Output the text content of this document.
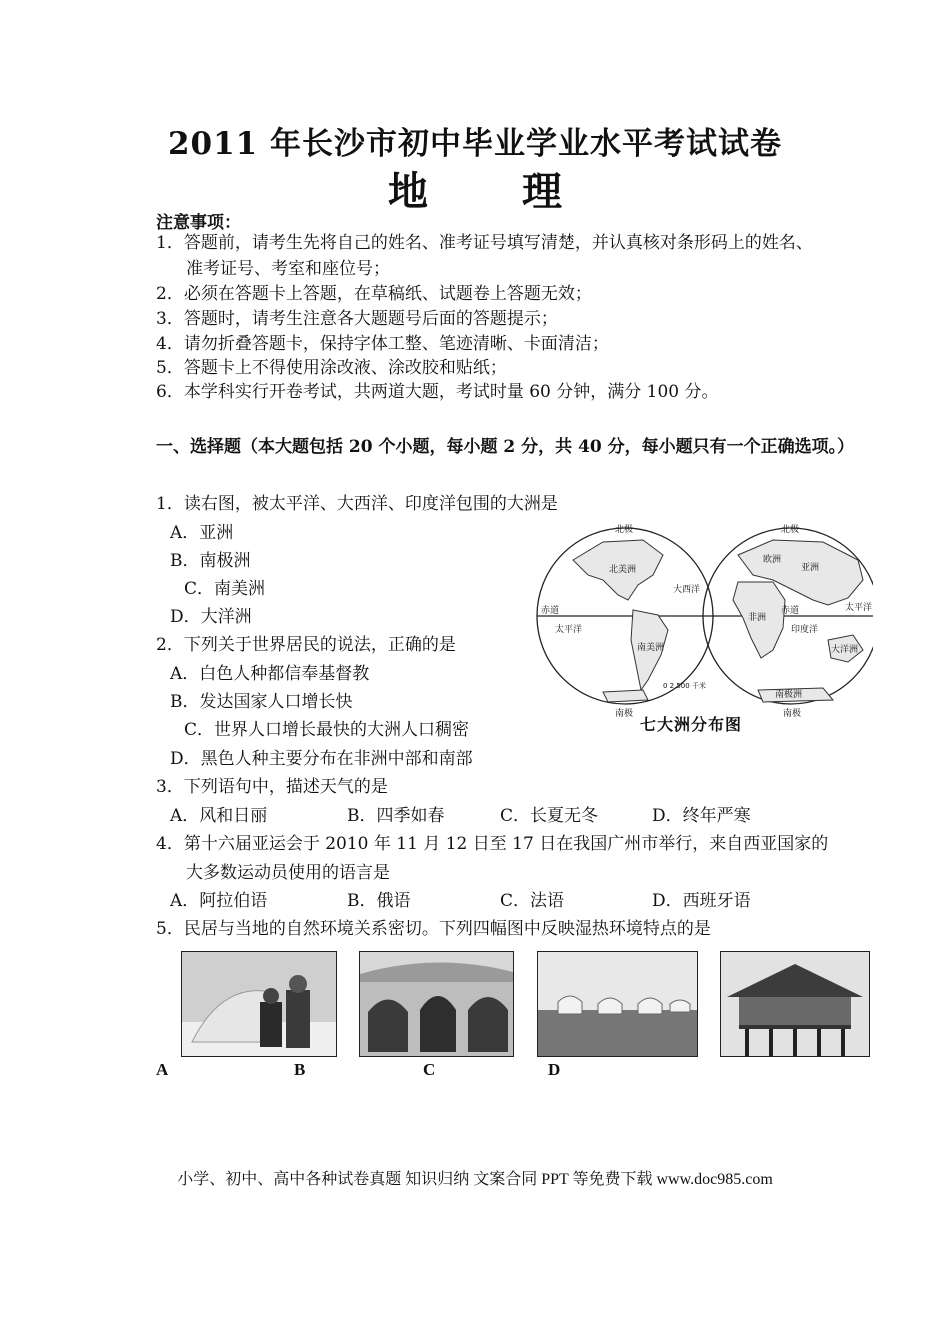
2011 年长沙市初中毕业学业水平考试试卷
地 理
注意事项：
1．答题前，请考生先将自己的姓名、准考证号填写清楚，并认真核对条形码上的姓名、
准考证号、考室和座位号；
2．必须在答题卡上答题，在草稿纸、试题卷上答题无效；
3．答题时，请考生注意各大题题号后面的答题提示；
4．请勿折叠答题卡，保持字体工整、笔迹清晰、卡面清洁；
5．答题卡上不得使用涂改液、涂改胶和贴纸；
6．本学科实行开卷考试，共两道大题，考试时量 60 分钟，满分 100 分。
一、选择题（本大题包括 20 个小题，每小题 2 分，共 40 分，每小题只有一个正确选项。）
1．读右图，被太平洋、大西洋、印度洋包围的大洲是
A．亚洲
B．南极洲
C．南美洲
D．大洋洲
2．下列关于世界居民的说法，正确的是
A．白色人种都信奉基督教
B．发达国家人口增长快
C．世界人口增长最快的大洲人口稠密
D．黑色人种主要分布在非洲中部和南部
3．下列语句中，描述天气的是
A．风和日丽	B．四季如春	C．长夏无冬	D．终年严寒
4．第十六届亚运会于 2010 年 11 月 12 日至 17 日在我国广州市举行，来自西亚国家的
大多数运动员使用的语言是
A．阿拉伯语	B．俄语	C．法语	D．西班牙语
5．民居与当地的自然环境关系密切。下列四幅图中反映湿热环境特点的是
北极	北极
南极	南极
北美洲
南美洲
非洲
亚洲
欧洲
大洋洲
南极洲
太平洋
太平洋
大西洋
印度洋
赤道	赤道
0 2 500 千米
七大洲分布图
A	B	C	D
小学、初中、高中各种试卷真题 知识归纳 文案合同 PPT 等免费下载 www.doc985.com
